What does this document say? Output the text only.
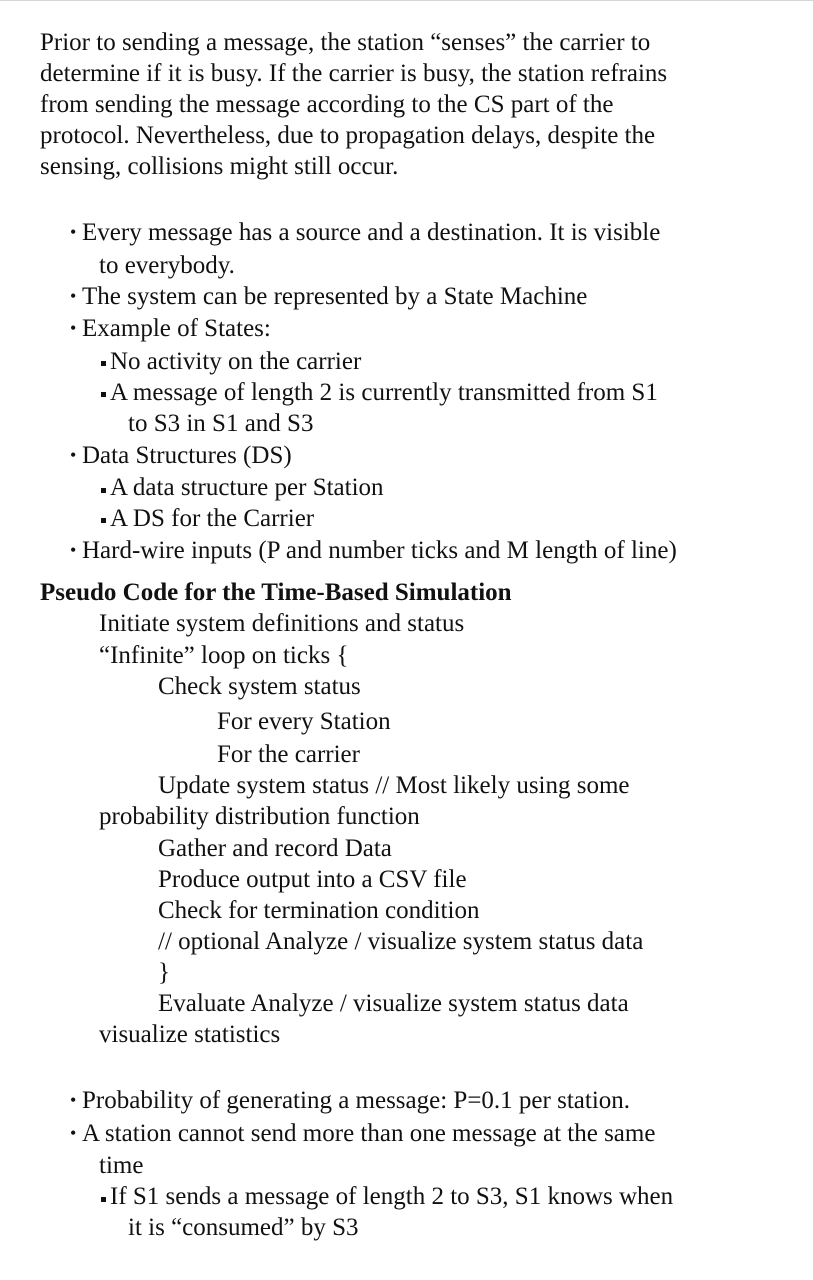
Prior to sending a message, the station “senses” the carrier to
determine if it is busy. If the carrier is busy, the station refrains
from sending the message according to the CS part of the
protocol. Nevertheless, due to propagation delays, despite the
sensing, collisions might still occur.
• Every message has a source and a destination. It is visible
to everybody.
• The system can be represented by a State Machine
• Example of States:
No activity on the carrier
A message of length 2 is currently transmitted from S1
to S3 in S1 and S3
• Data Structures (DS)
A data structure per Station
A DS for the Carrier
• Hard-wire inputs (P and number ticks and M length of line)
Pseudo Code for the Time-Based Simulation
Initiate system definitions and status
“Infinite” loop on ticks {
Check system status
For every Station
For the carrier
Update system status // Most likely using some
probability distribution function
Gather and record Data
Produce output into a CSV file
Check for termination condition
// optional Analyze / visualize system status data
}
Evaluate Analyze / visualize system status data
visualize statistics
• Probability of generating a message: P=0.1 per station.
• A station cannot send more than one message at the same
time
If S1 sends a message of length 2 to S3, S1 knows when
it is “consumed” by S3
